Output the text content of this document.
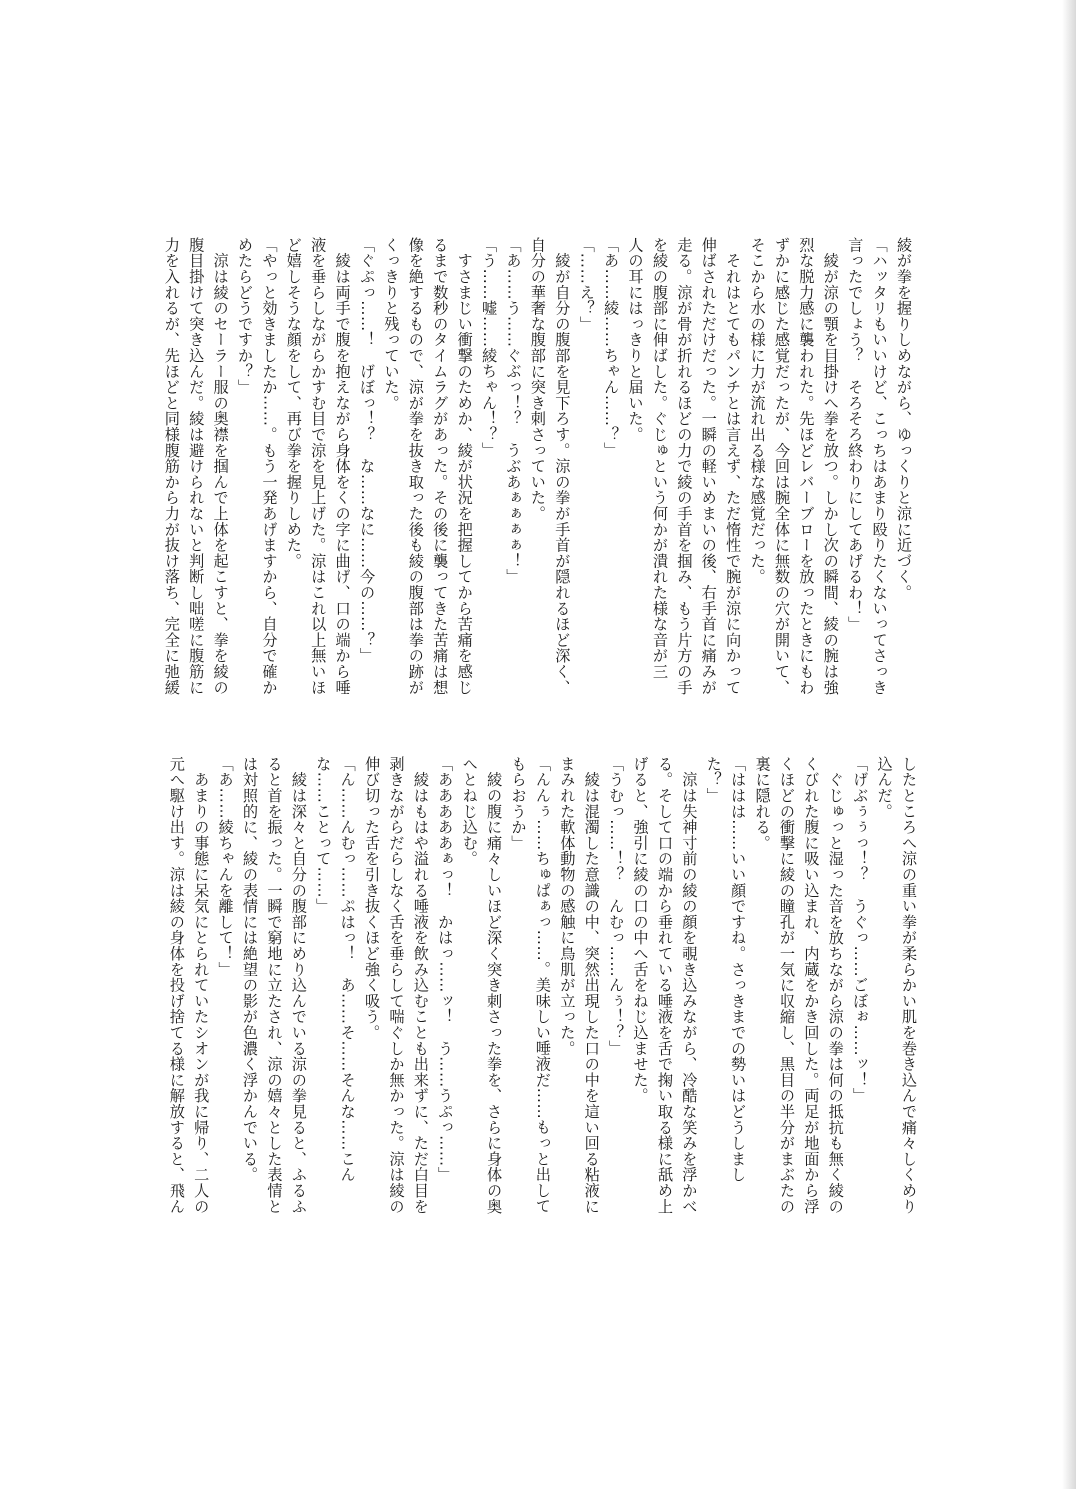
綾が拳を握りしめながら、ゆっくりと涼に近づく。
「ハッタリもいいけど、こっちはあまり殴りたくないってさっき
言ったでしょう？　そろそろ終わりにしてあげるわ！」
　綾が涼の顎を目掛けへ拳を放つ。しかし次の瞬間、綾の腕は強
烈な脱力感に襲われた。先ほどレバーブローを放ったときにもわ
ずかに感じた感覚だったが、今回は腕全体に無数の穴が開いて、
そこから水の様に力が流れ出る様な感覚だった。
　それはとてもパンチとは言えず、ただ惰性で腕が涼に向かって
伸ばされただけだった。一瞬の軽いめまいの後、右手首に痛みが
走る。涼が骨が折れるほどの力で綾の手首を掴み、もう片方の手
を綾の腹部に伸ばした。ぐじゅという何かが潰れた様な音が三
人の耳にはっきりと届いた。
「あ……綾……ちゃん……？」
「……え？」
　綾が自分の腹部を見下ろす。涼の拳が手首が隠れるほど深く、
自分の華奢な腹部に突き刺さっていた。
「あ……う……ぐぶっ！？　うぶあぁぁぁぁ！」
「う……嘘……綾ちゃん！？」
　すさまじい衝撃のためか、綾が状況を把握してから苦痛を感じ
るまで数秒のタイムラグがあった。その後に襲ってきた苦痛は想
像を絶するもので、涼が拳を抜き取った後も綾の腹部は拳の跡が
くっきりと残っていた。
「ぐぷっ……！　げぼっ！？　な……なに……今の……？」
　綾は両手で腹を抱えながら身体をくの字に曲げ、口の端から唾
液を垂らしながらかすむ目で涼を見上げた。涼はこれ以上無いほ
ど嬉しそうな顔をして、再び拳を握りしめた。
「やっと効きましたか……。もう一発あげますから、自分で確か
めたらどうですか？」
　涼は綾のセーラー服の奥襟を掴んで上体を起こすと、拳を綾の
腹目掛けて突き込んだ。綾は避けられないと判断し咄嗟に腹筋に
力を入れるが、先ほどと同様腹筋から力が抜け落ち、完全に弛緩
したところへ涼の重い拳が柔らかい肌を巻き込んで痛々しくめり
込んだ。
「げぶぅぅっ！？　うぐっ……ごぼぉ……ッ！」
　ぐじゅっと湿った音を放ちながら涼の拳は何の抵抗も無く綾の
くびれた腹に吸い込まれ、内蔵をかき回した。両足が地面から浮
くほどの衝撃に綾の瞳孔が一気に収縮し、黒目の半分がまぶたの
裏に隠れる。
「ははは……いい顔ですね。さっきまでの勢いはどうしまし
た？」
　涼は失神寸前の綾の顔を覗き込みながら、冷酷な笑みを浮かべ
る。そして口の端から垂れている唾液を舌で掬い取る様に舐め上
げると、強引に綾の口の中へ舌をねじ込ませた。
「うむっ……！？　んむっ……んぅ！？」
　綾は混濁した意識の中、突然出現した口の中を這い回る粘液に
まみれた軟体動物の感触に鳥肌が立った。
「んんぅ……ちゅぱぁっ……。美味しい唾液だ……もっと出して
もらおうか」
　綾の腹に痛々しいほど深く突き刺さった拳を、さらに身体の奥
へとねじ込む。
「あああああぁっ！　かはっ……ッ！　う……うぷっ……」
　綾はもはや溢れる唾液を飲み込むことも出来ずに、ただ白目を
剥きながらだらしなく舌を垂らして喘ぐしか無かった。涼は綾の
伸び切った舌を引き抜くほど強く吸う。
「ん……んむっ……ぷはっ！　あ……そ……そんな……こん
な……ことって……」
　綾は深々と自分の腹部にめり込んでいる涼の拳見ると、ふるふ
ると首を振った。一瞬で窮地に立たされ、涼の嬉々とした表情と
は対照的に、綾の表情には絶望の影が色濃く浮かんでいる。
「あ……綾ちゃんを離して！」
　あまりの事態に呆気にとられていたシオンが我に帰り、二人の
元へ駆け出す。涼は綾の身体を投げ捨てる様に解放すると、飛ん
